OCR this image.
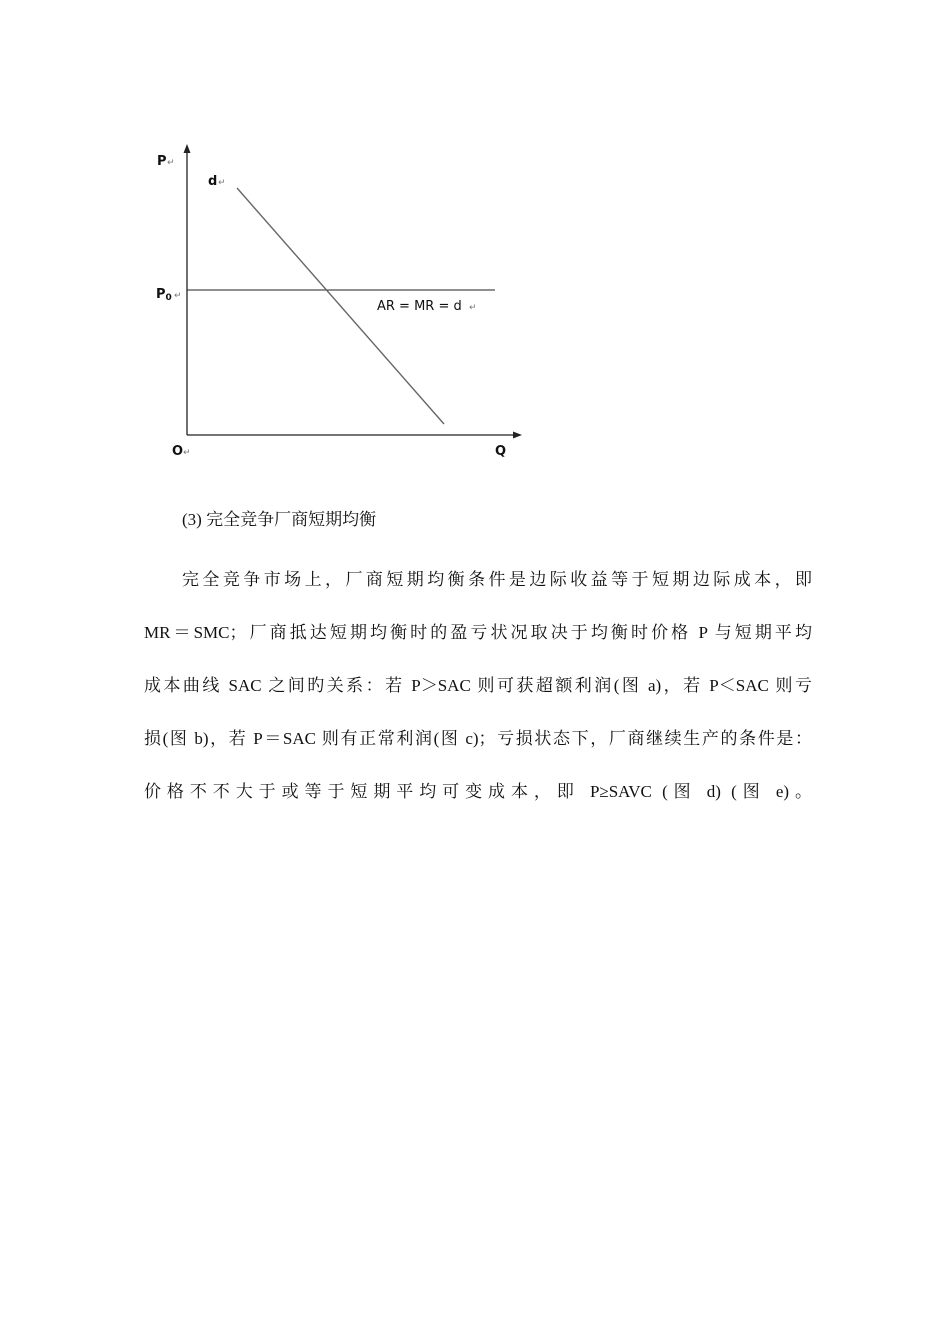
P ↵
d ↵
P0 ↵
AR = MR = d ↵
O ↵	Q

(3) 完全竞争厂商短期均衡

完全竞争市场上，厂商短期均衡条件是边际收益等于短期边际成本，即
MR＝SMC；厂商抵达短期均衡时的盈亏状况取决于均衡时价格 P 与短期平均
成本曲线 SAC 之间旳关系：若 P＞SAC 则可获超额利润(图 a)，若 P＜SAC 则亏
损(图 b)，若 P＝SAC 则有正常利润(图 c)；亏损状态下，厂商继续生产的条件是：
价格不不大于或等于短期平均可变成本，即 P≥SAVC (图 d) (图 e)。
